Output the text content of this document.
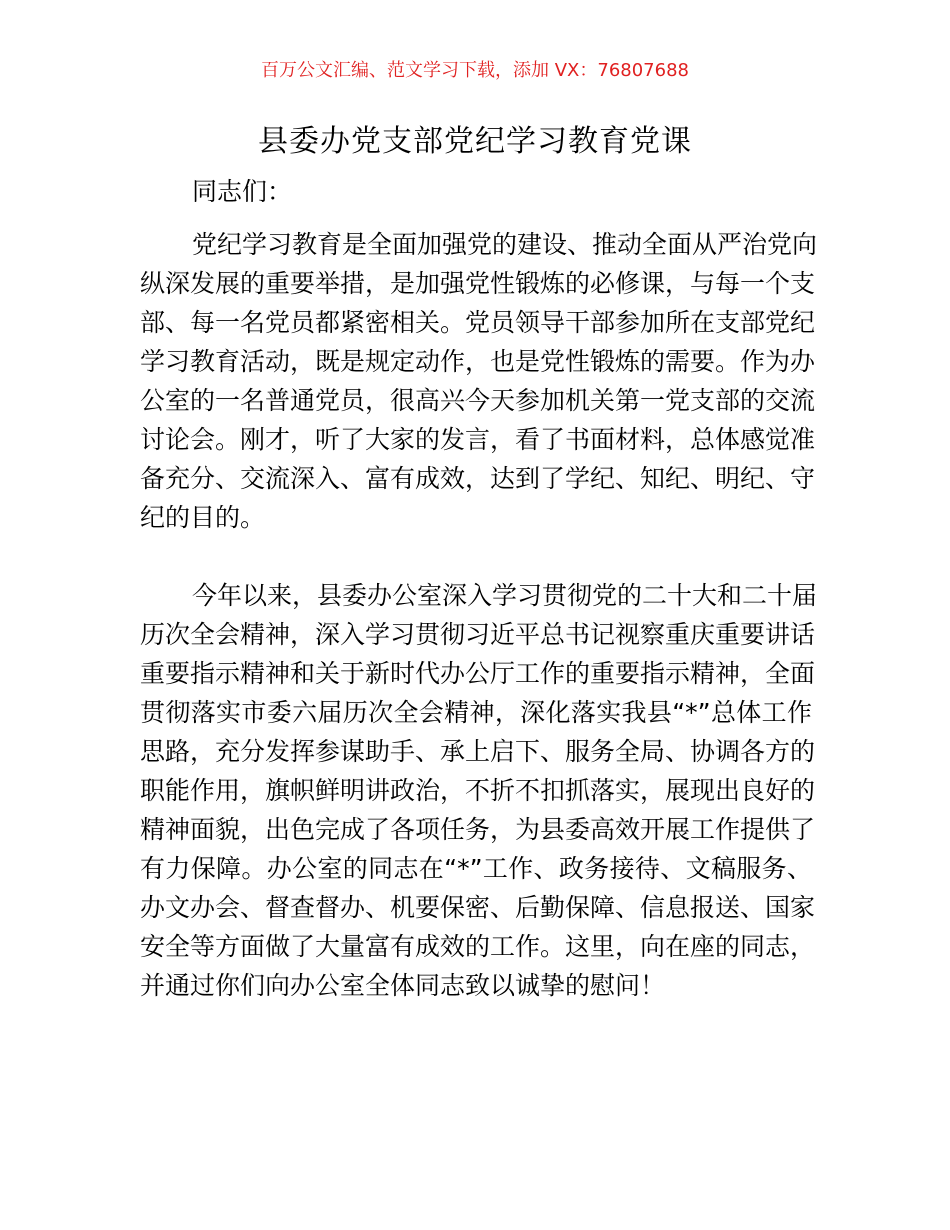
百万公文汇编、范文学习下载，添加 VX：76807688
县委办党支部党纪学习教育党课
同志们：
党纪学习教育是全面加强党的建设、推动全面从严治党向
纵深发展的重要举措，是加强党性锻炼的必修课，与每一个支
部、每一名党员都紧密相关。党员领导干部参加所在支部党纪
学习教育活动，既是规定动作，也是党性锻炼的需要。作为办
公室的一名普通党员，很高兴今天参加机关第一党支部的交流
讨论会。刚才，听了大家的发言，看了书面材料，总体感觉准
备充分、交流深入、富有成效，达到了学纪、知纪、明纪、守
纪的目的。
今年以来，县委办公室深入学习贯彻党的二十大和二十届
历次全会精神，深入学习贯彻习近平总书记视察重庆重要讲话
重要指示精神和关于新时代办公厅工作的重要指示精神，全面
贯彻落实市委六届历次全会精神，深化落实我县“*”总体工作
思路，充分发挥参谋助手、承上启下、服务全局、协调各方的
职能作用，旗帜鲜明讲政治，不折不扣抓落实，展现出良好的
精神面貌，出色完成了各项任务，为县委高效开展工作提供了
有力保障。办公室的同志在“*”工作、政务接待、文稿服务、
办文办会、督查督办、机要保密、后勤保障、信息报送、国家
安全等方面做了大量富有成效的工作。这里，向在座的同志，
并通过你们向办公室全体同志致以诚挚的慰问！
